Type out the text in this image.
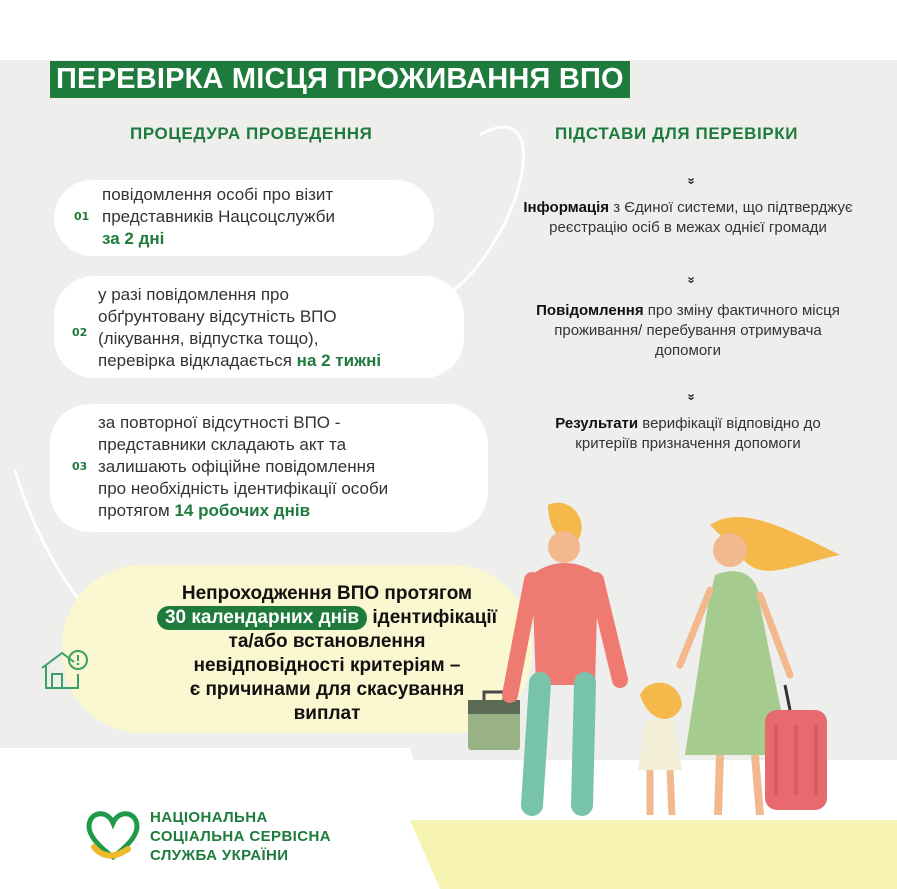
ПЕРЕВІРКА МІСЦЯ ПРОЖИВАННЯ ВПО
ПРОЦЕДУРА ПРОВЕДЕННЯ	ПІДСТАВИ ДЛЯ ПЕРЕВІРКИ
01
повідомлення особі про візит
представників Нацсоцслужби
за 2 дні
02
у разі повідомлення про
обґрунтовану відсутність ВПО
(лікування, відпустка тощо),
перевірка відкладається на 2 тижні
03
за повторної відсутності ВПО -
представники складають акт та
залишають офіційне повідомлення
про необхідність ідентифікації особи
протягом 14 робочих днів
»
Інформація з Єдиної системи, що підтверджує реєстрацію осіб в межах однієї громади
»
Повідомлення про зміну фактичного місця проживання/ перебування отримувача допомоги
»
Результати верифікації відповідно до критеріїв призначення допомоги
Непроходження ВПО протягом
30 календарних днів ідентифікації
та/або встановлення
невідповідності критеріям –
є причинами для скасування
виплат
НАЦІОНАЛЬНА
СОЦІАЛЬНА СЕРВІСНА
СЛУЖБА УКРАЇНИ
